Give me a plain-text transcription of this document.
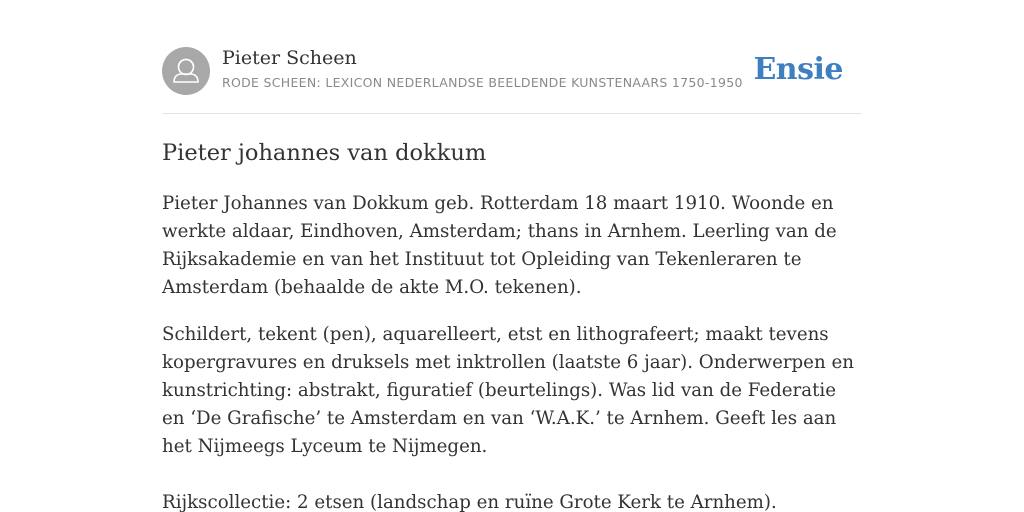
Pieter Scheen
RODE SCHEEN: LEXICON NEDERLANDSE BEELDENDE KUNSTENAARS 1750-1950 Ensie
Pieter johannes van dokkum

Pieter Johannes van Dokkum geb. Rotterdam 18 maart 1910. Woonde en werkte aldaar, Eindhoven, Amsterdam; thans in Arnhem. Leerling van de Rijksakademie en van het Instituut tot Opleiding van Tekenleraren te Amsterdam (behaalde de akte M.O. tekenen).

Schildert, tekent (pen), aquarelleert, etst en lithografeert; maakt tevens kopergravures en druksels met inktrollen (laatste 6 jaar). Onderwerpen en kunstrichting: abstrakt, figuratief (beurtelings). Was lid van de Federatie en ‘De Grafische’ te Amsterdam en van ‘W.A.K.’ te Arnhem. Geeft les aan het Nijmeegs Lyceum te Nijmegen.

Rijkscollectie: 2 etsen (landschap en ruïne Grote Kerk te Arnhem).
